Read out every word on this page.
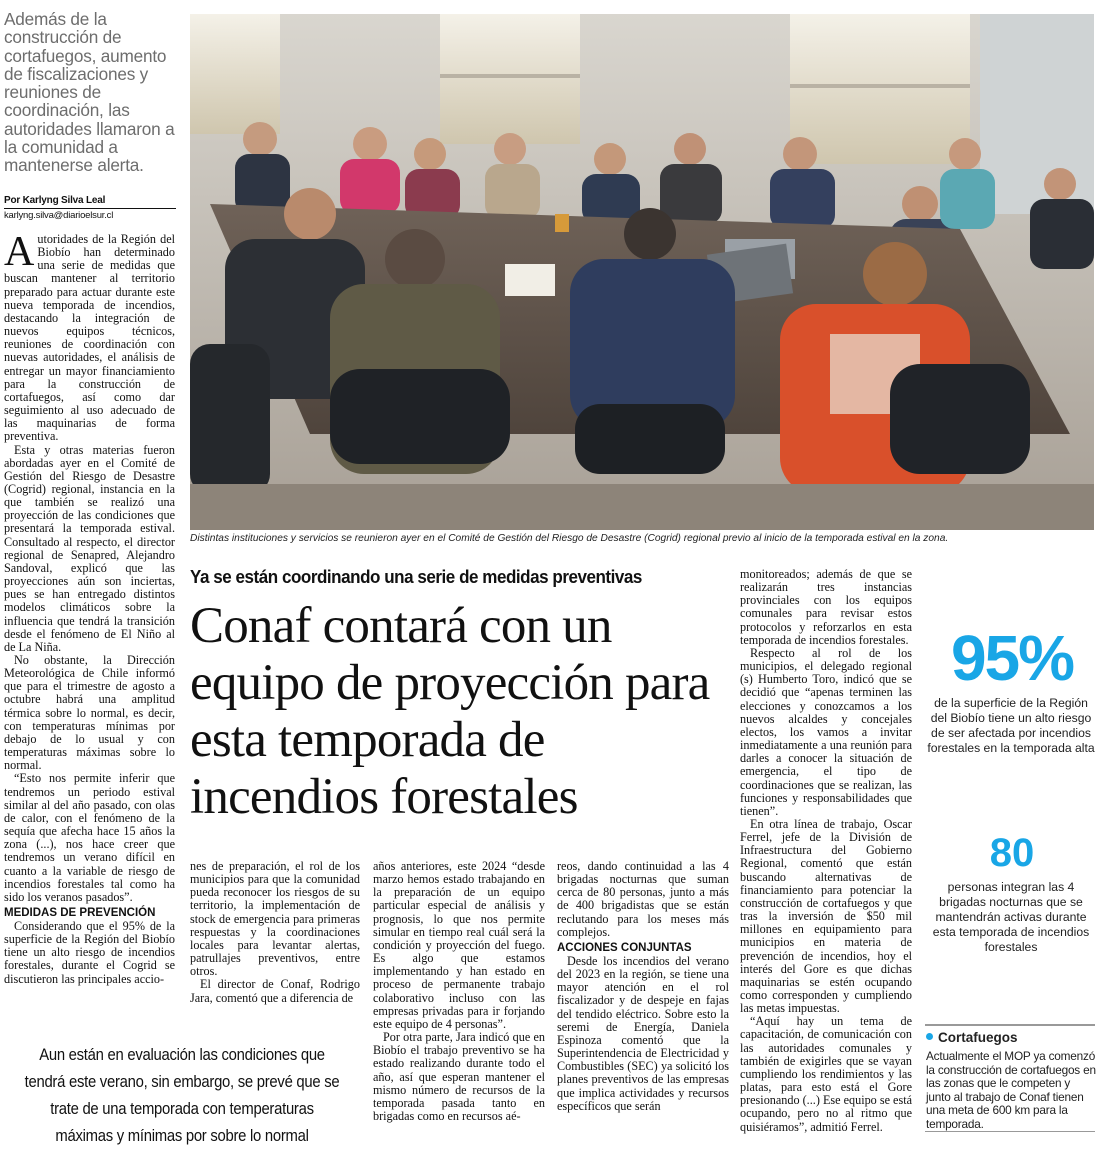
Además de la construcción de cortafuegos, aumento de fiscalizaciones y reuniones de coordinación, las autoridades llamaron a la comunidad a mantenerse alerta.
Por Karlyng Silva Leal
karlyng.silva@diarioelsur.cl

Autoridades de la Región del Biobío han determinado una serie de medidas que buscan mantener al territorio preparado para actuar durante este nueva temporada de incendios, destacando la integración de nuevos equipos técnicos, reuniones de coordinación con nuevas autoridades, el análisis de entregar un mayor financiamiento para la construcción de cortafuegos, así como dar seguimiento al uso adecuado de las maquinarias de forma preventiva.

Esta y otras materias fueron abordadas ayer en el Comité de Gestión del Riesgo de Desastre (Cogrid) regional, instancia en la que también se realizó una proyección de las condiciones que presentará la temporada estival. Consultado al respecto, el director regional de Senapred, Alejandro Sandoval, explicó que las proyecciones aún son inciertas, pues se han entregado distintos modelos climáticos sobre la influencia que tendrá la transición desde el fenómeno de El Niño al de La Niña.

No obstante, la Dirección Meteorológica de Chile informó que para el trimestre de agosto a octubre habrá una amplitud térmica sobre lo normal, es decir, con temperaturas mínimas por debajo de lo usual y con temperaturas máximas sobre lo normal.

“Esto nos permite inferir que tendremos un periodo estival similar al del año pasado, con olas de calor, con el fenómeno de la sequía que afecha hace 15 años la zona (...), nos hace creer que tendremos un verano difícil en cuanto a la variable de riesgo de incendios forestales tal como ha sido los veranos pasados”.

MEDIDAS DE PREVENCIÓN

Considerando que el 95% de la superficie de la Región del Biobío tiene un alto riesgo de incendios forestales, durante el Cogrid se discutieron las principales accio-

Distintas instituciones y servicios se reunieron ayer en el Comité de Gestión del Riesgo de Desastre (Cogrid) regional previo al inicio de la temporada estival en la zona.
Ya se están coordinando una serie de medidas preventivas
Conaf contará con un equipo de proyección para esta temporada de incendios forestales

nes de preparación, el rol de los municipios para que la comunidad pueda reconocer los riesgos de su territorio, la implementación de stock de emergencia para primeras respuestas y la coordinaciones locales para levantar alertas, patrullajes preventivos, entre otros.

El director de Conaf, Rodrigo Jara, comentó que a diferencia de

Aun están en evaluación las condiciones que tendrá este verano, sin embargo, se prevé que se trate de una temporada con temperaturas máximas y mínimas por sobre lo normal

años anteriores, este 2024 “desde marzo hemos estado trabajando en la preparación de un equipo particular especial de análisis y prognosis, lo que nos permite simular en tiempo real cuál será la condición y proyección del fuego. Es algo que estamos implementando y han estado en proceso de permanente trabajo colaborativo incluso con las empresas privadas para ir forjando este equipo de 4 personas”.

Por otra parte, Jara indicó que en Biobío el trabajo preventivo se ha estado realizando durante todo el año, así que esperan mantener el mismo número de recursos de la temporada pasada tanto en brigadas como en recursos aé-

reos, dando continuidad a las 4 brigadas nocturnas que suman cerca de 80 personas, junto a más de 400 brigadistas que se están reclutando para los meses más complejos.

ACCIONES CONJUNTAS

Desde los incendios del verano del 2023 en la región, se tiene una mayor atención en el rol fiscalizador y de despeje en fajas del tendido eléctrico. Sobre esto la seremi de Energía, Daniela Espinoza comentó que la Superintendencia de Electricidad y Combustibles (SEC) ya solicitó los planes preventivos de las empresas que implica actividades y recursos específicos que serán

monitoreados; además de que se realizarán tres instancias provinciales con los equipos comunales para revisar estos protocolos y reforzarlos en esta temporada de incendios forestales.

Respecto al rol de los municipios, el delegado regional (s) Humberto Toro, indicó que se decidió que “apenas terminen las elecciones y conozcamos a los nuevos alcaldes y concejales electos, los vamos a invitar inmediatamente a una reunión para darles a conocer la situación de emergencia, el tipo de coordinaciones que se realizan, las funciones y responsabilidades que tienen”.

En otra línea de trabajo, Oscar Ferrel, jefe de la División de Infraestructura del Gobierno Regional, comentó que están buscando alternativas de financiamiento para potenciar la construcción de cortafuegos y que tras la inversión de $50 mil millones en equipamiento para municipios en materia de prevención de incendios, hoy el interés del Gore es que dichas maquinarias se estén ocupando como corresponden y cumpliendo las metas impuestas.

“Aquí hay un tema de capacitación, de comunicación con las autoridades comunales y también de exigirles que se vayan cumpliendo los rendimientos y las platas, para esto está el Gore presionando (...) Ese equipo se está ocupando, pero no al ritmo que quisiéramos”, admitió Ferrel.

95%
de la superficie de la Región del Biobío tiene un alto riesgo de ser afectada por incendios forestales en la temporada alta
80
personas integran las 4 brigadas nocturnas que se mantendrán activas durante esta temporada de incendios forestales
Cortafuegos
Actualmente el MOP ya comenzó la construcción de cortafuegos en las zonas que le competen y junto al trabajo de Conaf tienen una meta de 600 km para la temporada.
